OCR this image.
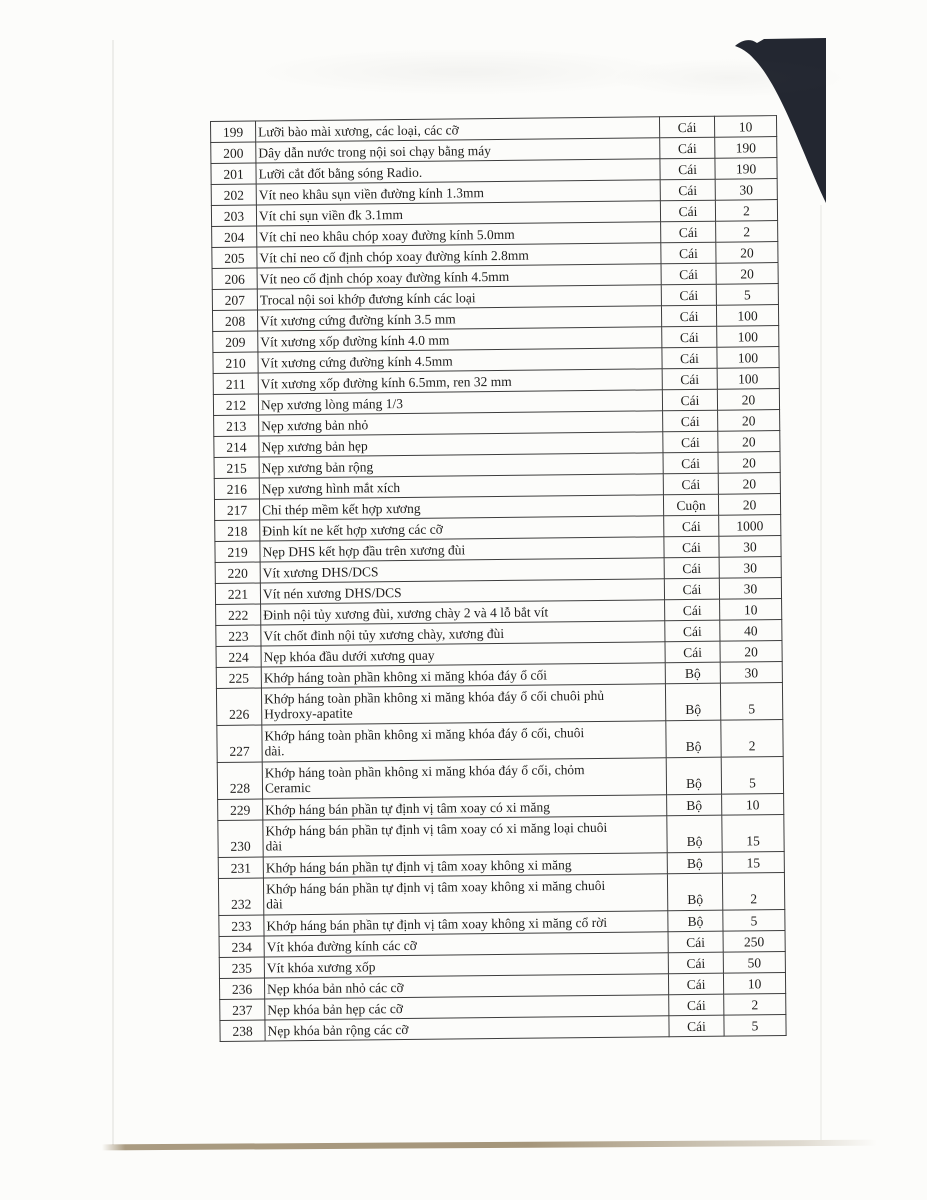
199	Lưỡi bào mài xương, các loại, các cỡ	Cái	10
200	Dây dẫn nước trong nội soi chạy bằng máy	Cái	190
201	Lưỡi cắt đốt bằng sóng Radio.	Cái	190
202	Vít neo khâu sụn viền đường kính 1.3mm	Cái	30
203	Vít chỉ sụn viền đk 3.1mm	Cái	2
204	Vít chỉ neo khâu chóp xoay đường kính 5.0mm	Cái	2
205	Vít chỉ neo cố định chóp xoay đường kính 2.8mm	Cái	20
206	Vít neo cố định chóp xoay đường kính 4.5mm	Cái	20
207	Trocal nội soi khớp đương kính các loại	Cái	5
208	Vít xương cứng đường kính 3.5 mm	Cái	100
209	Vít xương xốp đường kính 4.0 mm	Cái	100
210	Vít xương cứng đường kính 4.5mm	Cái	100
211	Vít xương xốp đường kính 6.5mm, ren 32 mm	Cái	100
212	Nẹp xương lòng máng 1/3	Cái	20
213	Nẹp xương bản nhỏ	Cái	20
214	Nẹp xương bản hẹp	Cái	20
215	Nẹp xương bản rộng	Cái	20
216	Nẹp xương hình mắt xích	Cái	20
217	Chỉ thép mềm kết hợp xương	Cuộn	20
218	Đinh kít ne kết hợp xương các cỡ	Cái	1000
219	Nẹp DHS kết hợp đầu trên xương đùi	Cái	30
220	Vít xương DHS/DCS	Cái	30
221	Vít nén xương DHS/DCS	Cái	30
222	Đinh nội tủy xương đùi, xương chày 2 và 4 lỗ bắt vít	Cái	10
223	Vít chốt đinh nội tủy xương chày, xương đùi	Cái	40
224	Nẹp khóa đầu dưới xương quay	Cái	20
225	Khớp háng toàn phần không xi măng khóa đáy ổ cối	Bộ	30
226	Khớp háng toàn phần không xi măng khóa đáy ổ cối chuôi phủ
Hydroxy-apatite	Bộ	5
227	Khớp háng toàn phần không xi măng khóa đáy ổ cối, chuôi
dài.	Bộ	2
228	Khớp háng toàn phần không xi măng khóa đáy ổ cối, chỏm
Ceramic	Bộ	5
229	Khớp háng bán phần tự định vị tâm xoay có xi măng	Bộ	10
230	Khớp háng bán phần tự định vị tâm xoay có xi măng loại chuôi
dài	Bộ	15
231	Khớp háng bán phần tự định vị tâm xoay không xi măng	Bộ	15
232	Khớp háng bán phần tự định vị tâm xoay không xi măng chuôi
dài	Bộ	2
233	Khớp háng bán phần tự định vị tâm xoay không xi măng cổ rời	Bộ	5
234	Vít khóa đường kính các cỡ	Cái	250
235	Vít khóa xương xốp	Cái	50
236	Nẹp khóa bản nhỏ các cỡ	Cái	10
237	Nẹp khóa bản hẹp các cỡ	Cái	2
238	Nẹp khóa bản rộng các cỡ	Cái	5
